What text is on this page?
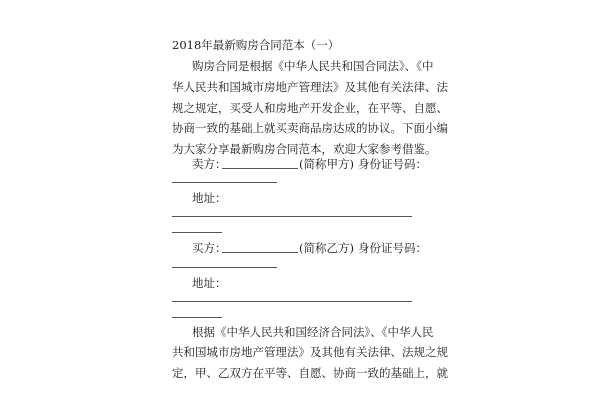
2018年最新购房合同范本（一）
购房合同是根据《中华人民共和国合同法》、《中
华人民共和国城市房地产管理法》及其他有关法律、法
规之规定，买受人和房地产开发企业，在平等、自愿、
协商一致的基础上就买卖商品房达成的协议。下面小编
为大家分享最新购房合同范本，欢迎大家参考借鉴。
卖方：	(简称甲方) 身份证号码：
地址：
买方：	(简称乙方) 身份证号码：
地址：
根据《中华人民共和国经济合同法》、《中华人民
共和国城市房地产管理法》及其他有关法律、法规之规
定，甲、乙双方在平等、自愿、协商一致的基础上，就
